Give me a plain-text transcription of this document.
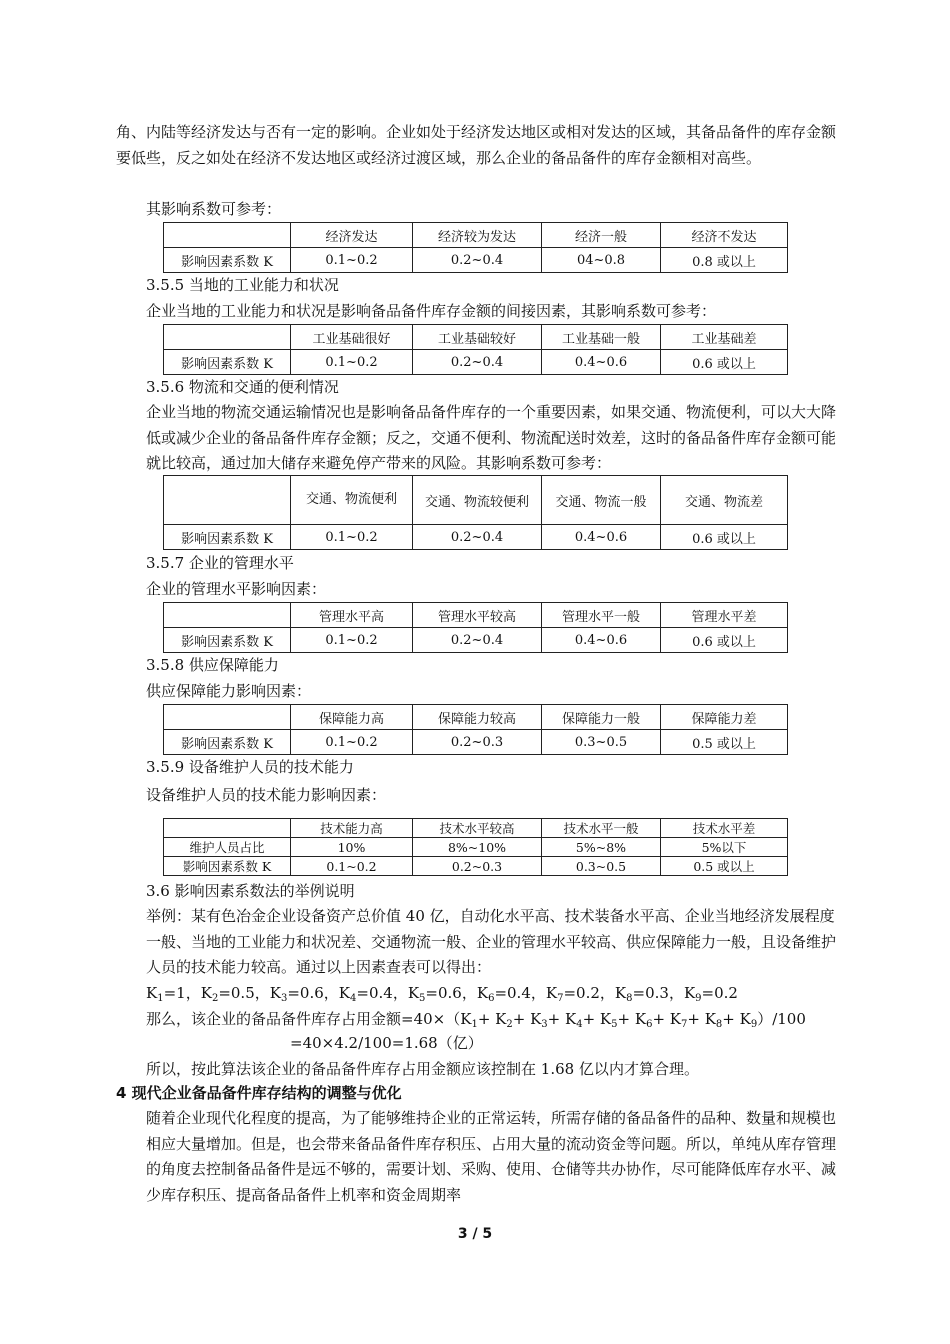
角、内陆等经济发达与否有一定的影响。企业如处于经济发达地区或相对发达的区域，其备品备件的库存金额要低些，反之如处在经济不发达地区或经济过渡区域，那么企业的备品备件的库存金额相对高些。

其影响系数可参考：

	经济发达	经济较为发达	经济一般	经济不发达
影响因素系数 K	0.1~0.2	0.2~0.4	04~0.8	0.8 或以上

3.5.5 当地的工业能力和状况

企业当地的工业能力和状况是影响备品备件库存金额的间接因素，其影响系数可参考：

	工业基础很好	工业基础较好	工业基础一般	工业基础差
影响因素系数 K	0.1~0.2	0.2~0.4	0.4~0.6	0.6 或以上

3.5.6 物流和交通的便利情况

企业当地的物流交通运输情况也是影响备品备件库存的一个重要因素，如果交通、物流便利，可以大大降低或减少企业的备品备件库存金额；反之，交通不便利、物流配送时效差，这时的备品备件库存金额可能就比较高，通过加大储存来避免停产带来的风险。其影响系数可参考：

	交通、物流便利	交通、物流较便利	交通、物流一般	交通、物流差
影响因素系数 K	0.1~0.2	0.2~0.4	0.4~0.6	0.6 或以上

3.5.7 企业的管理水平

企业的管理水平影响因素：

	管理水平高	管理水平较高	管理水平一般	管理水平差
影响因素系数 K	0.1~0.2	0.2~0.4	0.4~0.6	0.6 或以上

3.5.8 供应保障能力

供应保障能力影响因素：

	保障能力高	保障能力较高	保障能力一般	保障能力差
影响因素系数 K	0.1~0.2	0.2~0.3	0.3~0.5	0.5 或以上

3.5.9 设备维护人员的技术能力

设备维护人员的技术能力影响因素：

	技术能力高	技术水平较高	技术水平一般	技术水平差
维护人员占比	10%	8%~10%	5%~8%	5%以下
影响因素系数 K	0.1~0.2	0.2~0.3	0.3~0.5	0.5 或以上

3.6 影响因素系数法的举例说明

举例：某有色冶金企业设备资产总价值 40 亿，自动化水平高、技术装备水平高、企业当地经济发展程度一般、当地的工业能力和状况差、交通物流一般、企业的管理水平较高、供应保障能力一般，且设备维护人员的技术能力较高。通过以上因素查表可以得出：

$K_1=1$，$K_2=0.5$，$K_3=0.6$，$K_4=0.4$，$K_5=0.6$，$K_6=0.4$，$K_7=0.2$，$K_8=0.3$，$K_9=0.2$

那么，该企业的备品备件库存占用金额$=40\times(K_1+ K_2+ K_3+ K_4+ K_5+ K_6+ K_7+ K_8+ K_9)/100$

=40×4.2/100=1.68（亿）

所以，按此算法该企业的备品备件库存占用金额应该控制在 1.68 亿以内才算合理。

4 现代企业备品备件库存结构的调整与优化

随着企业现代化程度的提高，为了能够维持企业的正常运转，所需存储的备品备件的品种、数量和规模也相应大量增加。但是，也会带来备品备件库存积压、占用大量的流动资金等问题。所以，单纯从库存管理的角度去控制备品备件是远不够的，需要计划、采购、使用、仓储等共办协作，尽可能降低库存水平、减少库存积压、提高备品备件上机率和资金周期率

3 / 5
